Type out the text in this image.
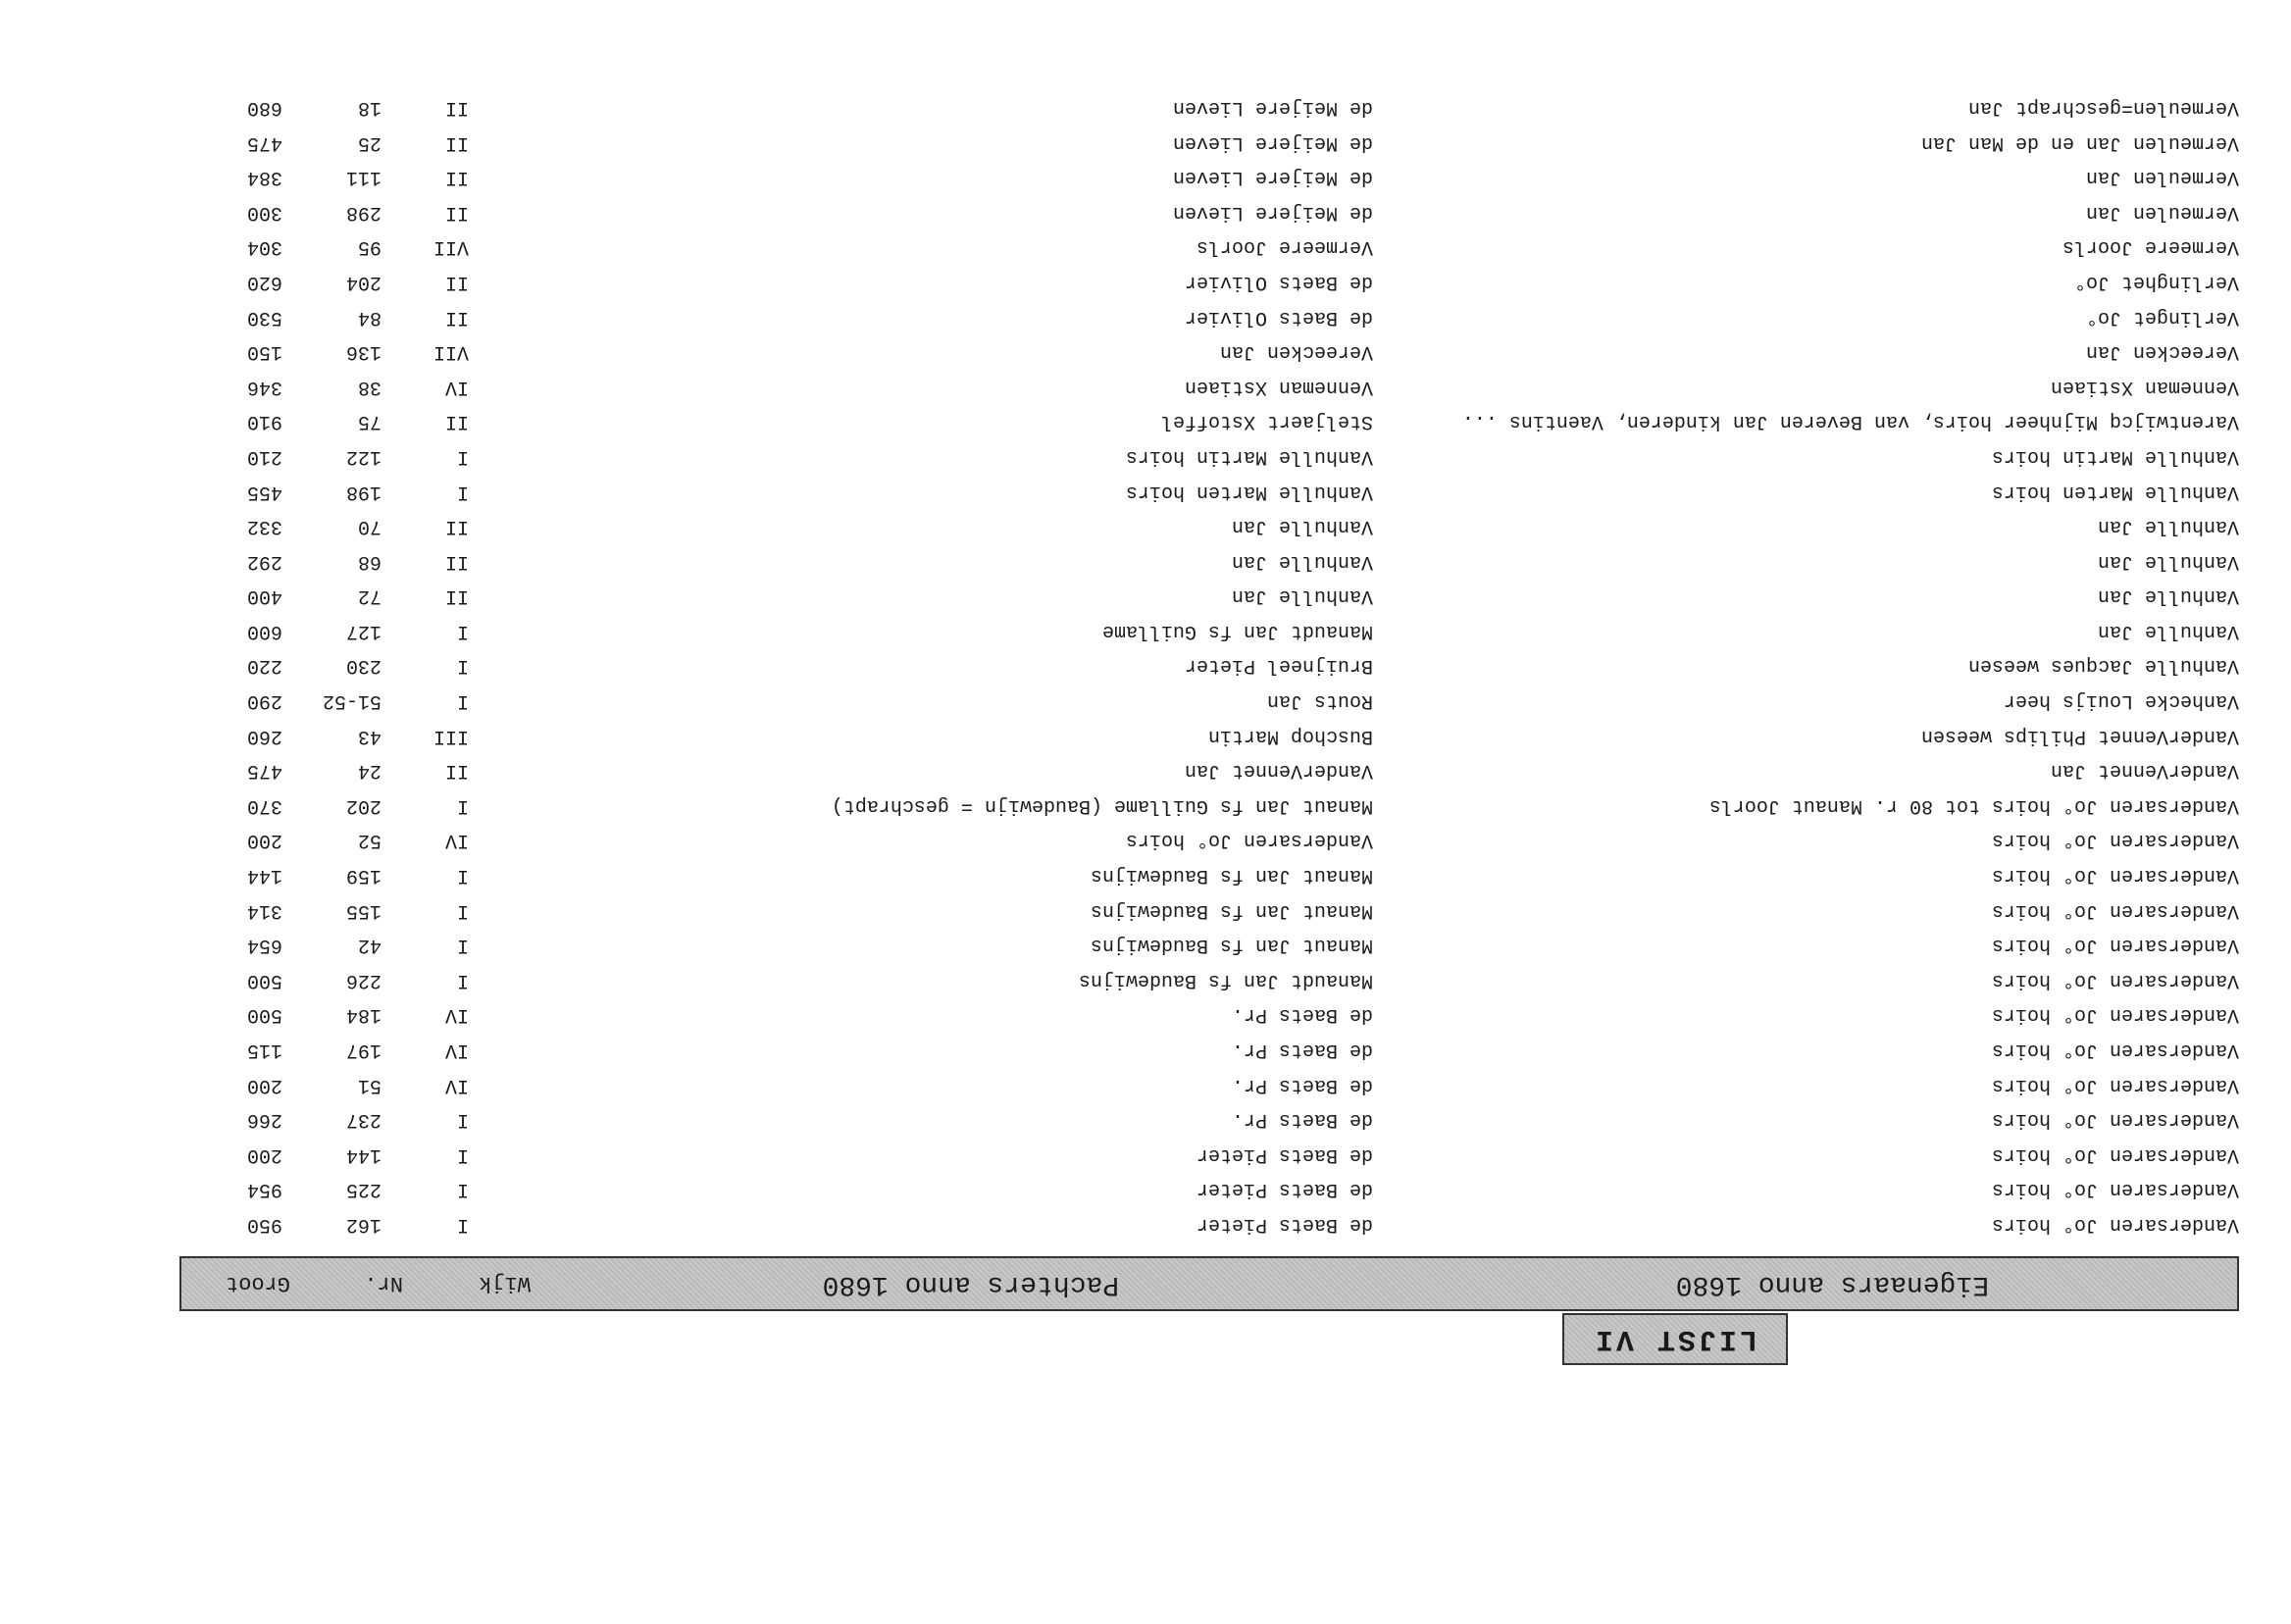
LIJST VI
Eigenaars anno 1680
Pachters anno 1680
Wijk
Nr.
Groot
Vandersaren Jo° hoirs
de Baets Pieter
I
162
950
Vandersaren Jo° hoirs
de Baets Pieter
I
225
954
Vandersaren Jo° hoirs
de Baets Pieter
I
144
200
Vandersaren Jo° hoirs
de Baets Pr.
I
237
266
Vandersaren Jo° hoirs
de Baets Pr.
IV
51
200
Vandersaren Jo° hoirs
de Baets Pr.
IV
197
115
Vandersaren Jo° hoirs
de Baets Pr.
IV
184
500
Vandersaren Jo° hoirs
Manaudt Jan fs Baudewijns
I
226
500
Vandersaren Jo° hoirs
Manaut Jan fs Baudewijns
I
42
654
Vandersaren Jo° hoirs
Manaut Jan fs Baudewijns
I
155
314
Vandersaren Jo° hoirs
Manaut Jan fs Baudewijns
I
159
144
Vandersaren Jo° hoirs
Vandersaren Jo° hoirs
IV
52
200
Vandersaren Jo° hoirs tot 80 r. Manaut Joorls
Manaut Jan fs Guillame (Baudewijn = geschrapt)
I
202
370
VanderVennet Jan
VanderVennet Jan
II
24
475
VanderVennet Philips weesen
Buschop Martin
III
43
260
Vanhecke Louijs heer
Routs Jan
I
51-52
290
Vanhulle Jacques weesen
Bruijneel Pieter
I
230
220
Vanhulle Jan
Manaudt Jan fs Guillame
I
127
600
Vanhulle Jan
Vanhulle Jan
II
72
400
Vanhulle Jan
Vanhulle Jan
II
68
292
Vanhulle Jan
Vanhulle Jan
II
70
332
Vanhulle Marten hoirs
Vanhulle Marten hoirs
I
198
455
Vanhulle Martin hoirs
Vanhulle Martin hoirs
I
122
210
Varentwijcq Mijnheer hoirs, van Beveren Jan kinderen, Vaentins ...
Steljaert Xstoffel
II
75
910
Venneman Xstiaen
Venneman Xstiaen
IV
38
346
Vereecken Jan
Vereecken Jan
VII
136
150
Verlinget Jo°
de Baets Olivier
II
84
530
Verlinghet Jo°
de Baets Olivier
II
204
620
Vermeere Joorls
Vermeere Joorls
VII
95
304
Vermeulen Jan
de Meijere Lieven
II
298
300
Vermeulen Jan
de Meijere Lieven
II
111
384
Vermeulen Jan en de Man Jan
de Meijere Lieven
II
25
475
Vermeulen=geschrapt Jan
de Meijere Lieven
II
18
680
